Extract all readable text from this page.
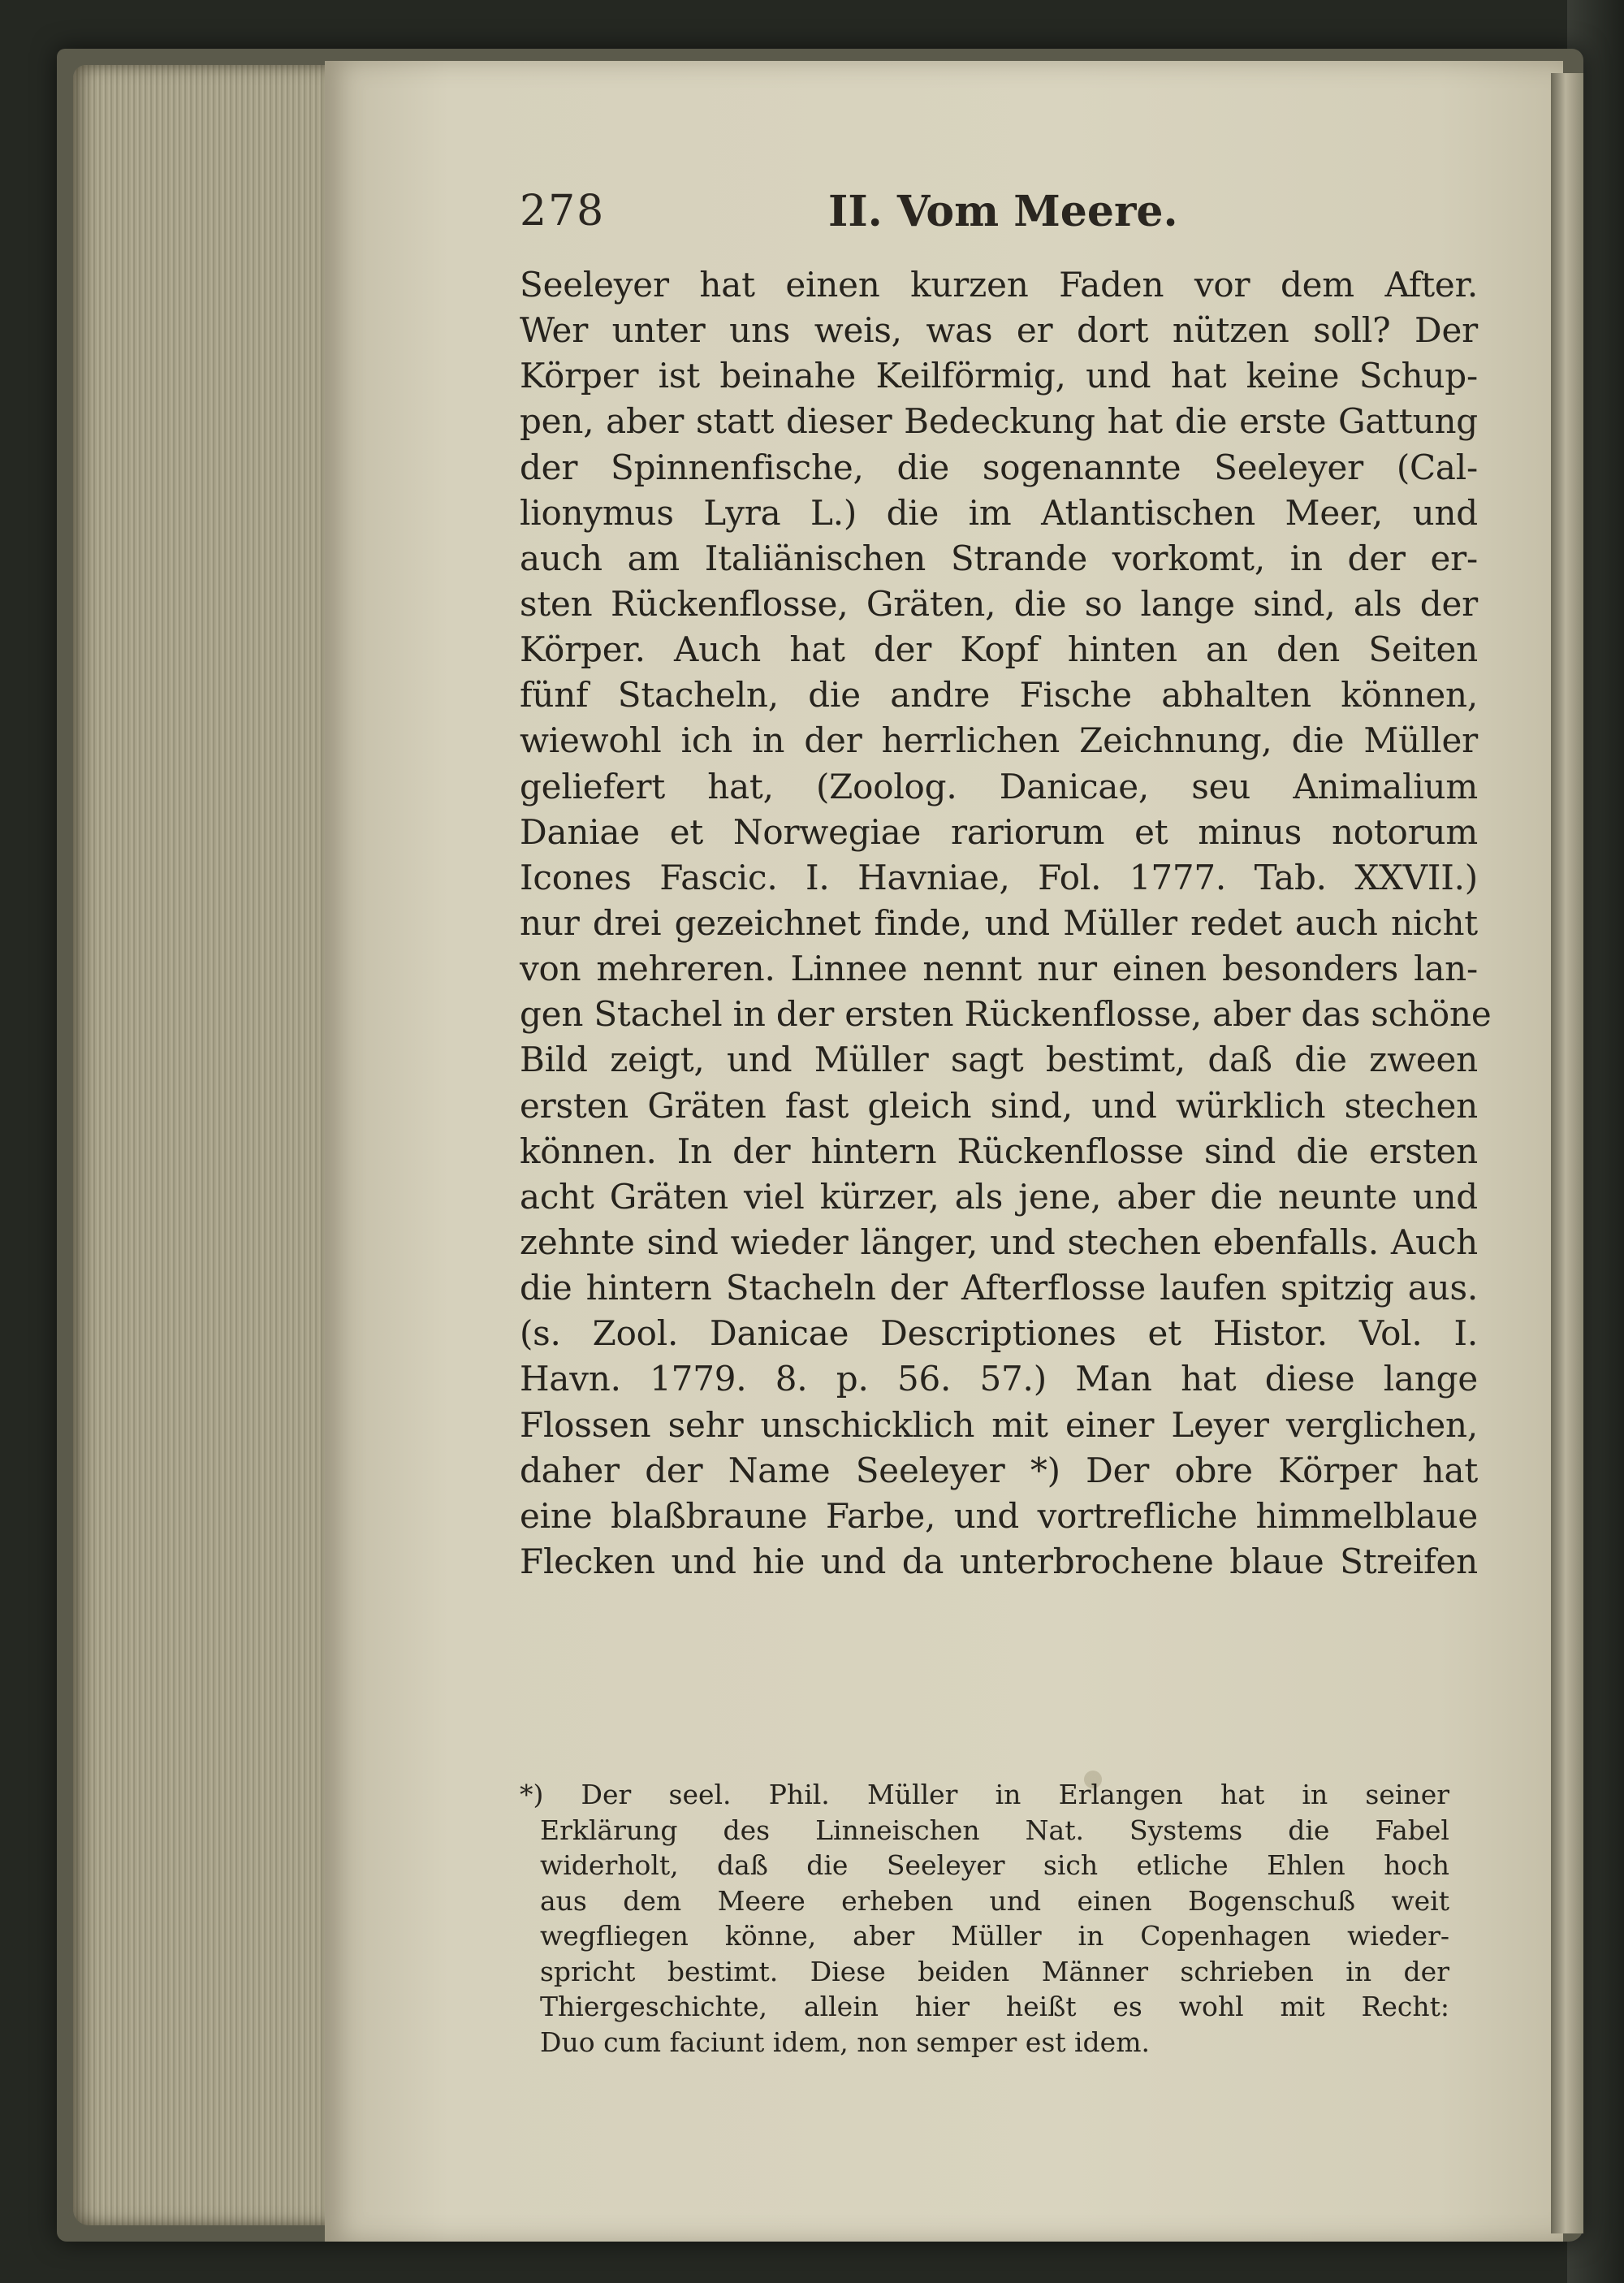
278	II. Vom Meere.
Seeleyer hat einen kurzen Faden vor dem After.
Wer unter uns weis, was er dort nützen soll? Der
Körper ist beinahe Keilförmig, und hat keine Schup-
pen, aber statt dieser Bedeckung hat die erste Gattung
der Spinnenfische, die sogenannte Seeleyer (Cal-
lionymus Lyra L.) die im Atlantischen Meer, und
auch am Italiänischen Strande vorkomt, in der er-
sten Rückenflosse, Gräten, die so lange sind, als der
Körper. Auch hat der Kopf hinten an den Seiten
fünf Stacheln, die andre Fische abhalten können,
wiewohl ich in der herrlichen Zeichnung, die Müller
geliefert hat, (Zoolog. Danicae, seu Animalium
Daniae et Norwegiae rariorum et minus notorum
Icones Fascic. I. Havniae, Fol. 1777. Tab. XXVII.)
nur drei gezeichnet finde, und Müller redet auch nicht
von mehreren. Linnee nennt nur einen besonders lan-
gen Stachel in der ersten Rückenflosse, aber das schöne
Bild zeigt, und Müller sagt bestimt, daß die zween
ersten Gräten fast gleich sind, und würklich stechen
können. In der hintern Rückenflosse sind die ersten
acht Gräten viel kürzer, als jene, aber die neunte und
zehnte sind wieder länger, und stechen ebenfalls. Auch
die hintern Stacheln der Afterflosse laufen spitzig aus.
(s. Zool. Danicae Descriptiones et Histor. Vol. I.
Havn. 1779. 8. p. 56. 57.) Man hat diese lange
Flossen sehr unschicklich mit einer Leyer verglichen,
daher der Name Seeleyer *) Der obre Körper hat
eine blaßbraune Farbe, und vortrefliche himmelblaue
Flecken und hie und da unterbrochene blaue Streifen
*) Der seel. Phil. Müller in Erlangen hat in seiner
Erklärung des Linneischen Nat. Systems die Fabel
widerholt, daß die Seeleyer sich etliche Ehlen hoch
aus dem Meere erheben und einen Bogenschuß weit
wegfliegen könne, aber Müller in Copenhagen wieder-
spricht bestimt. Diese beiden Männer schrieben in der
Thiergeschichte, allein hier heißt es wohl mit Recht:
Duo cum faciunt idem, non semper est idem.
